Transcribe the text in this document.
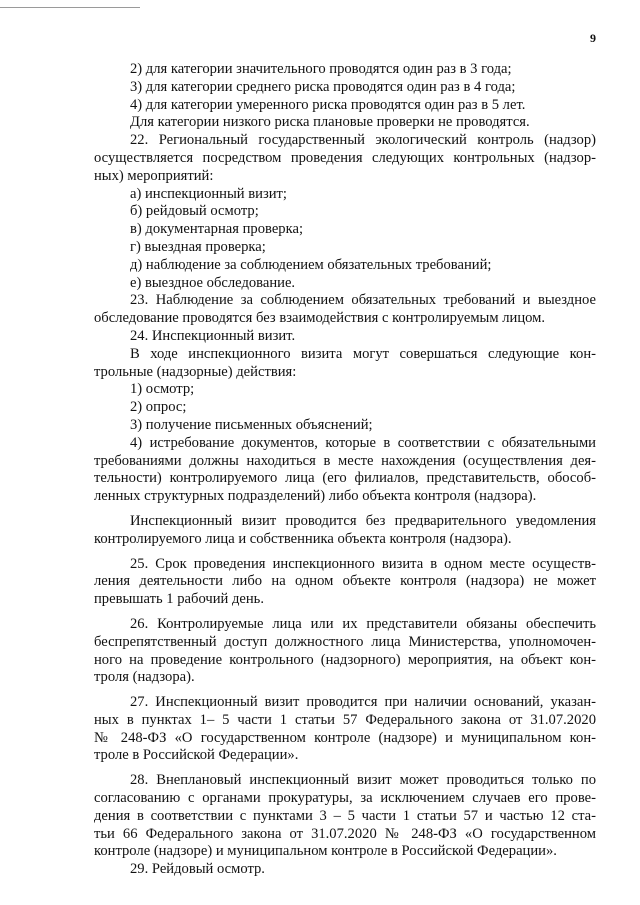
9
2) для категории значительного проводятся один раз в 3 года;
3) для категории среднего риска проводятся один раз в 4 года;
4) для категории умеренного риска проводятся один раз в 5 лет.
Для категории низкого риска плановые проверки не проводятся.
22. Региональный государственный экологический контроль (надзор)
осуществляется посредством проведения следующих контрольных (надзор-
ных) мероприятий:
а) инспекционный визит;
б) рейдовый осмотр;
в) документарная проверка;
г) выездная проверка;
д) наблюдение за соблюдением обязательных требований;
е) выездное обследование.
23. Наблюдение за соблюдением обязательных требований и выездное
обследование проводятся без взаимодействия с контролируемым лицом.
24. Инспекционный визит.
В ходе инспекционного визита могут совершаться следующие кон-
трольные (надзорные) действия:
1) осмотр;
2) опрос;
3) получение письменных объяснений;
4) истребование документов, которые в соответствии с обязательными
требованиями должны находиться в месте нахождения (осуществления дея-
тельности) контролируемого лица (его филиалов, представительств, обособ-
ленных структурных подразделений) либо объекта контроля (надзора).
Инспекционный визит проводится без предварительного уведомления
контролируемого лица и собственника объекта контроля (надзора).
25. Срок проведения инспекционного визита в одном месте осуществ-
ления деятельности либо на одном объекте контроля (надзора) не может
превышать 1 рабочий день.
26. Контролируемые лица или их представители обязаны обеспечить
беспрепятственный доступ должностного лица Министерства, уполномочен-
ного на проведение контрольного (надзорного) мероприятия, на объект кон-
троля (надзора).
27. Инспекционный визит проводится при наличии оснований, указан-
ных в пунктах 1– 5 части 1 статьи 57 Федерального закона от 31.07.2020
№ 248-ФЗ «О государственном контроле (надзоре) и муниципальном кон-
троле в Российской Федерации».
28. Внеплановый инспекционный визит может проводиться только по
согласованию с органами прокуратуры, за исключением случаев его прове-
дения в соответствии с пунктами 3 – 5 части 1 статьи 57 и частью 12 ста-
тьи 66 Федерального закона от 31.07.2020 № 248-ФЗ «О государственном
контроле (надзоре) и муниципальном контроле в Российской Федерации».
29. Рейдовый осмотр.
